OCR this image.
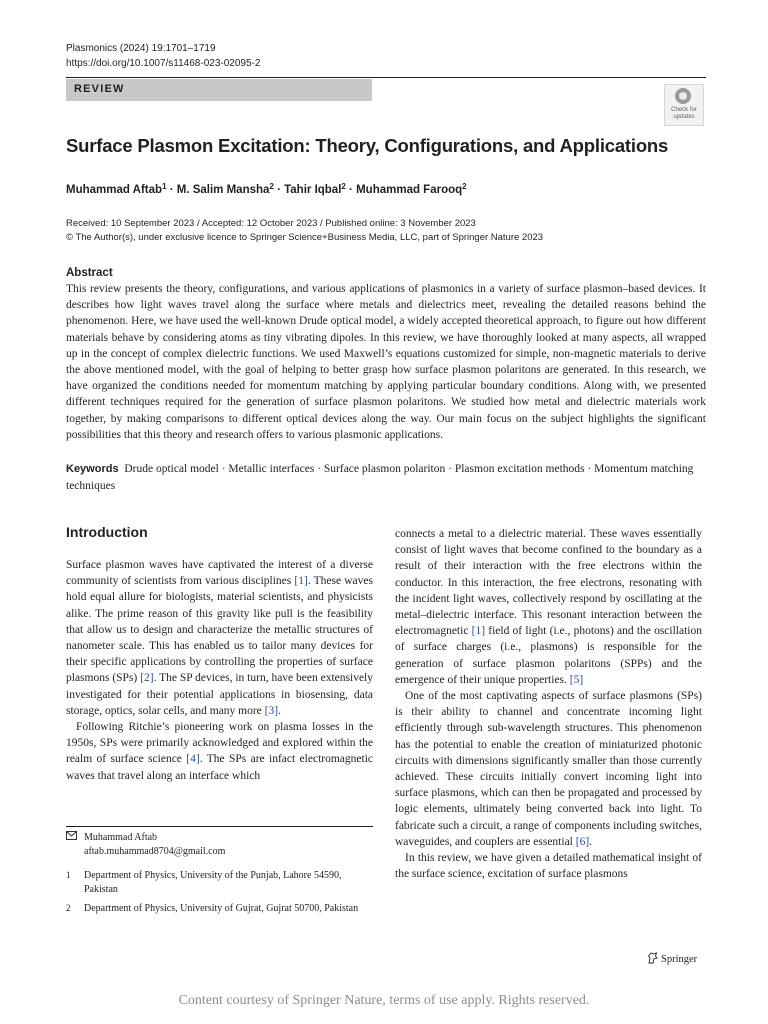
Plasmonics (2024) 19:1701–1719
https://doi.org/10.1007/s11468-023-02095-2
REVIEW
Check for
updates
Surface Plasmon Excitation: Theory, Configurations, and Applications
Muhammad Aftab$^1$ · M. Salim Mansha$^2$ · Tahir Iqbal$^2$ · Muhammad Farooq$^2$
Received: 10 September 2023 / Accepted: 12 October 2023 / Published online: 3 November 2023
© The Author(s), under exclusive licence to Springer Science+Business Media, LLC, part of Springer Nature 2023
Abstract
This review presents the theory, configurations, and various applications of plasmonics in a variety of surface plasmon–based devices. It describes how light waves travel along the surface where metals and dielectrics meet, revealing the detailed reasons behind the phenomenon. Here, we have used the well-known Drude optical model, a widely accepted theoretical approach, to figure out how different materials behave by considering atoms as tiny vibrating dipoles. In this review, we have thoroughly looked at many aspects, all wrapped up in the concept of complex dielectric functions. We used Maxwell’s equations customized for simple, non-magnetic materials to derive the above mentioned model, with the goal of helping to better grasp how surface plasmon polaritons are generated. In this research, we have organized the conditions needed for momentum matching by applying particular boundary conditions. Along with, we presented different techniques required for the generation of surface plasmon polaritons. We studied how metal and dielectric materials work together, by making comparisons to different optical devices along the way. Our main focus on the subject highlights the significant possibilities that this theory and research offers to various plasmonic applications.
Keywords Drude optical model · Metallic interfaces · Surface plasmon polariton · Plasmon excitation methods · Momentum matching techniques
Introduction

Surface plasmon waves have captivated the interest of a diverse community of scientists from various disciplines [1]. These waves hold equal allure for biologists, material scientists, and physicists alike. The prime reason of this gravity like pull is the feasibility that allow us to design and characterize the metallic structures of nanometer scale. This has enabled us to tailor many devices for their specific applications by controlling the properties of surface plasmons (SPs) [2]. The SP devices, in turn, have been extensively investigated for their potential applications in biosensing, data storage, optics, solar cells, and many more [3].

Following Ritchie’s pioneering work on plasma losses in the 1950s, SPs were primarily acknowledged and explored within the realm of surface science [4]. The SPs are infact electromagnetic waves that travel along an interface which

connects a metal to a dielectric material. These waves essentially consist of light waves that become confined to the boundary as a result of their interaction with the free electrons within the conductor. In this interaction, the free electrons, resonating with the incident light waves, collectively respond by oscillating at the metal–dielectric interface. This resonant interaction between the electromagnetic [1] field of light (i.e., photons) and the oscillation of surface charges (i.e., plasmons) is responsible for the generation of surface plasmon polaritons (SPPs) and the emergence of their unique properties. [5]

One of the most captivating aspects of surface plasmons (SPs) is their ability to channel and concentrate incoming light efficiently through sub-wavelength structures. This phenomenon has the potential to enable the creation of miniaturized photonic circuits with dimensions significantly smaller than those currently achieved. These circuits initially convert incoming light into surface plasmons, which can then be propagated and processed by logic elements, ultimately being converted back into light. To fabricate such a circuit, a range of components including switches, waveguides, and couplers are essential [6].

In this review, we have given a detailed mathematical insight of the surface science, excitation of surface plasmons

Muhammad Aftab
aftab.muhammad8704@gmail.com
1 Department of Physics, University of the Punjab, Lahore 54590, Pakistan
2 Department of Physics, University of Gujrat, Gujrat 50700, Pakistan
Springer
Content courtesy of Springer Nature, terms of use apply. Rights reserved.
